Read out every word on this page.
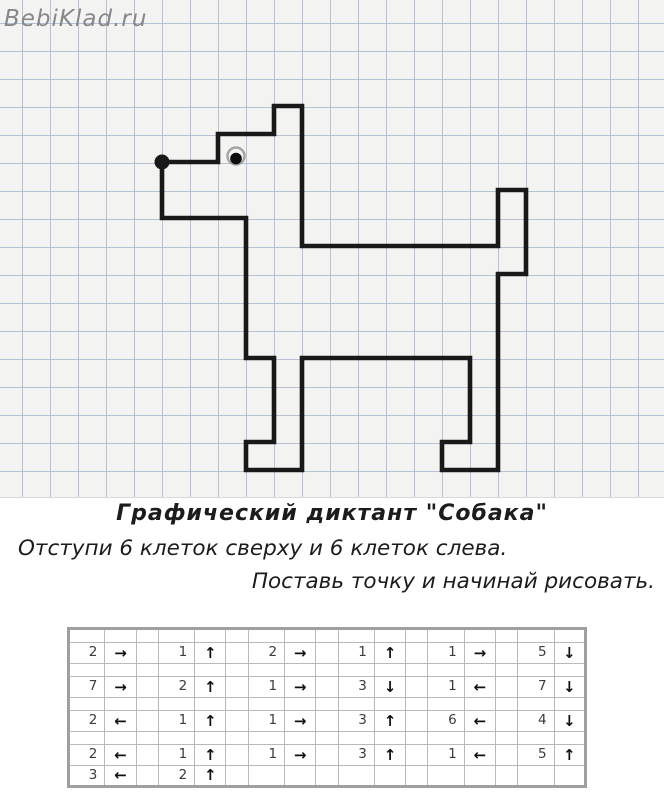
BebiKlad.ru
Графический диктант "Собака"
Отступи 6 клеток сверху и 6 клеток слева.
Поставь точку и начинай рисовать.

2	→		1	↑		2	→		1	↑		1	→		5	↓

7	→		2	↑		1	→		3	↓		1	←		7	↓

2	←		1	↑		1	→		3	↑		6	←		4	↓

2	←		1	↑		1	→		3	↑		1	←		5	↑
3	←		2	↑												
